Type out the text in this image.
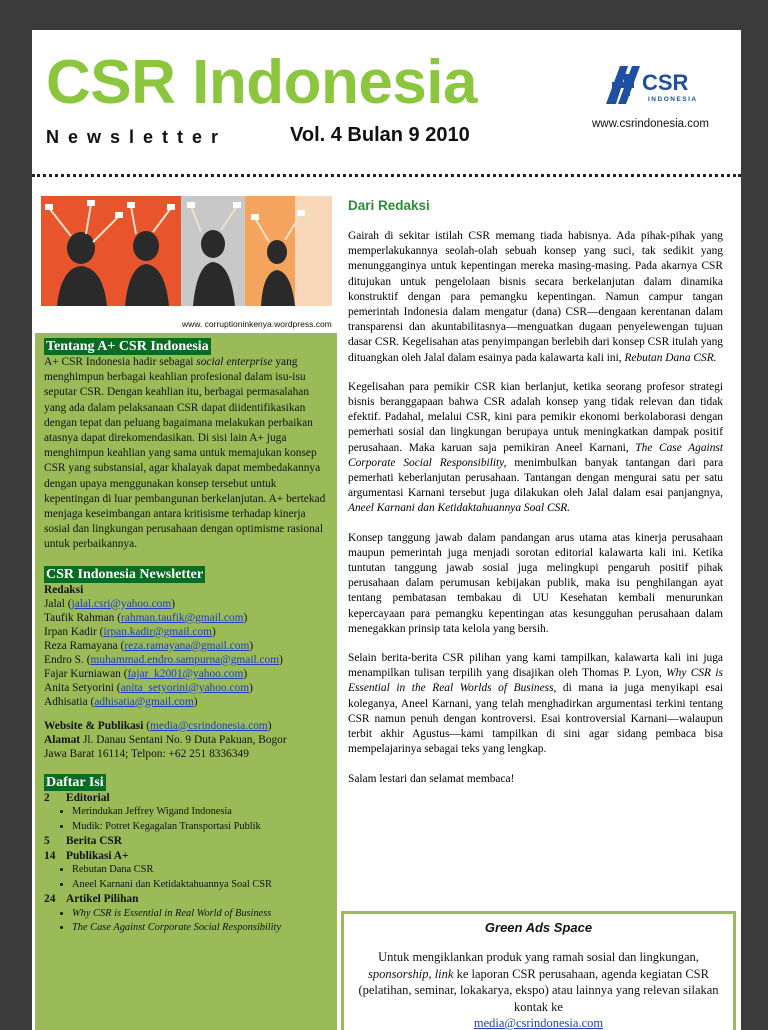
CSR Indonesia
Newsletter	Vol. 4 Bulan 9 2010
CSR
INDONESIA
www.csrindonesia.com
www. corruptioninkenya.wordpress.com
Tentang A+ CSR Indonesia

A+ CSR Indonesia hadir sebagai social enterprise yang menghimpun berbagai keahlian profesional dalam isu-isu seputar CSR. Dengan keahlian itu, berbagai permasalahan yang ada dalam pelaksanaan CSR dapat diidentifikasikan dengan tepat dan peluang bagaimana melakukan perbaikan atasnya dapat direkomendasikan. Di sisi lain A+ juga menghimpun keahlian yang sama untuk memajukan konsep CSR yang substansial, agar khalayak dapat membedakannya dengan upaya menggunakan konsep tersebut untuk kepentingan di luar pembangunan berkelanjutan. A+ bertekad menjaga keseimbangan antara kritisisme terhadap kinerja sosial dan lingkungan perusahaan dengan optimisme rasional untuk perbaikannya.

CSR Indonesia Newsletter
Redaksi
Jalal (jalal.csri@yahoo.com)
Taufik Rahman (rahman.taufik@gmail.com)
Irpan Kadir (irpan.kadir@gmail.com)
Reza Ramayana (reza.ramayana@gmail.com)
Endro S. (muhammad.endro.sampurna@gmail.com)
Fajar Kurniawan (fajar_k2001@yahoo.com)
Anita Setyorini (anita_setyorini@yahoo.com)
Adhisatia (adhisatia@gmail.com)
Website & Publikasi (media@csrindonesia.com)
Alamat Jl. Danau Sentani No. 9 Duta Pakuan, Bogor
Jawa Barat 16114; Telpon: +62 251 8336349
Daftar Isi
2 Editorial
• Merindukan Jeffrey Wigand Indonesia
• Mudik: Potret Kegagalan Transportasi Publik
5 Berita CSR
14 Publikasi A+
• Rebutan Dana CSR
• Aneel Karnani dan Ketidaktahuannya Soal CSR
24 Artikel Pilihan
• Why CSR is Essential in Real World of Business
• The Case Against Corporate Social Responsibility
Dari Redaksi

Gairah di sekitar istilah CSR memang tiada habisnya. Ada pihak-pihak yang memperlakukannya seolah-olah sebuah konsep yang suci, tak sedikit yang menungganginya untuk kepentingan mereka masing-masing. Pada akarnya CSR ditujukan untuk pengelolaan bisnis secara berkelanjutan dalam dinamika konstruktif dengan para pemangku kepentingan. Namun campur tangan pemerintah Indonesia dalam mengatur (dana) CSR—dengaan kerentanan dalam transparensi dan akuntabilitasnya—menguatkan dugaan penyelewengan tujuan dasar CSR. Kegelisahan atas penyimpangan berlebih dari konsep CSR itulah yang dituangkan oleh Jalal dalam esainya pada kalawarta kali ini, Rebutan Dana CSR.

Kegelisahan para pemikir CSR kian berlanjut, ketika seorang profesor strategi bisnis beranggapaan bahwa CSR adalah konsep yang tidak relevan dan tidak efektif. Padahal, melalui CSR, kini para pemikir ekonomi berkolaborasi dengan pemerhati sosial dan lingkungan berupaya untuk meningkatkan dampak positif perusahaan. Maka karuan saja pemikiran Aneel Karnani, The Case Against Corporate Social Responsibility, menimbulkan banyak tantangan dari para pemerhati keberlanjutan perusahaan. Tantangan dengan mengurai satu per satu argumentasi Karnani tersebut juga dilakukan oleh Jalal dalam esai panjangnya, Aneel Karnani dan Ketidaktahuannya Soal CSR.

Konsep tanggung jawab dalam pandangan arus utama atas kinerja perusahaan maupun pemerintah juga menjadi sorotan editorial kalawarta kali ini. Ketika tuntutan tanggung jawab sosial juga melingkupi pengaruh positif pihak perusahaan dalam perumusan kebijakan publik, maka isu penghilangan ayat tentang pembatasan tembakau di UU Kesehatan kembali menurunkan kepercayaan para pemangku kepentingan atas kesungguhan perusahaan dalam menegakkan prinsip tata kelola yang bersih.

Selain berita-berita CSR pilihan yang kami tampilkan, kalawarta kali ini juga menampilkan tulisan terpilih yang disajikan oleh Thomas P. Lyon, Why CSR is Essential in the Real Worlds of Business, di mana ia juga menyikapi esai koleganya, Aneel Karnani, yang telah menghadirkan argumentasi terkini tentang CSR namun penuh dengan kontroversi. Esai kontroversial Karnani—walaupun terbit akhir Agustus—kami tampilkan di sini agar sidang pembaca bisa mempelajarinya sebagai teks yang lengkap.

Salam lestari dan selamat membaca!

Green Ads Space
Untuk mengiklankan produk yang ramah sosial dan lingkungan, sponsorship, link ke laporan CSR perusahaan, agenda kegiatan CSR (pelatihan, seminar, lokakarya, ekspo) atau lainnya yang relevan silakan kontak ke
media@csrindonesia.com
